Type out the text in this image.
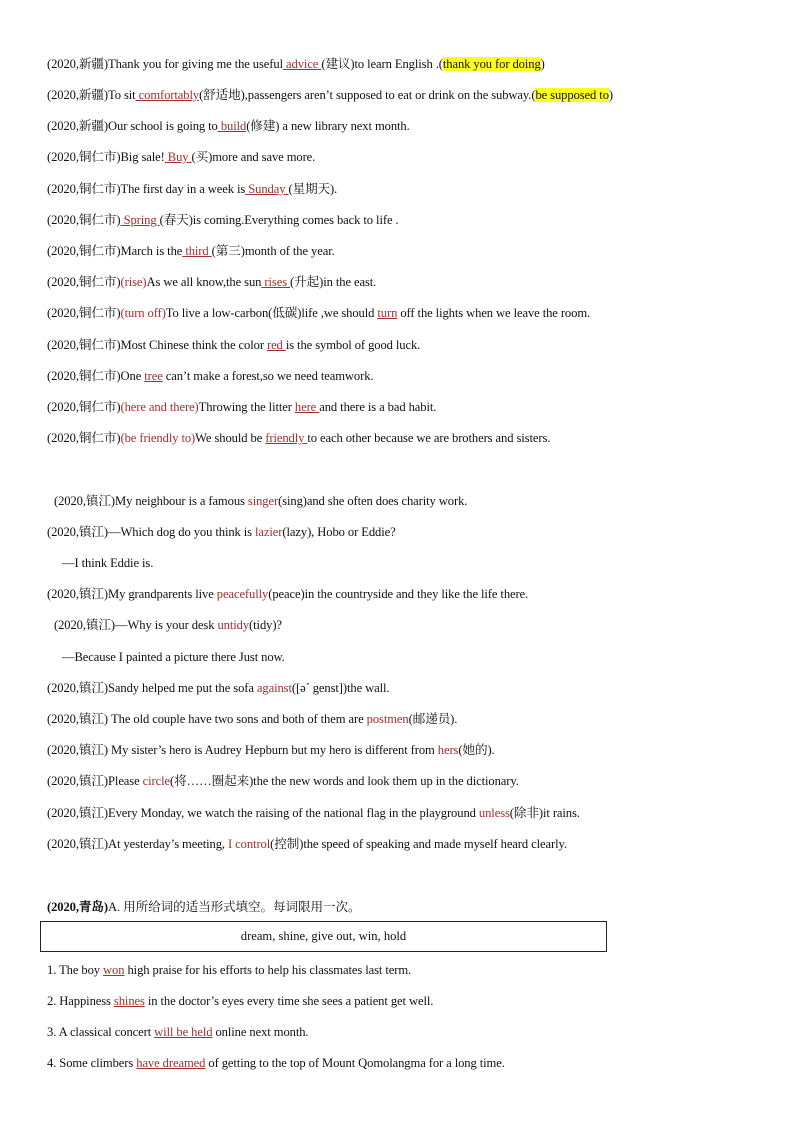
(2020,新疆)Thank you for giving me the useful advice (建议)to learn English .(thank you for doing)
(2020,新疆)To sit comfortably(舒适地),passengers aren’t supposed to eat or drink on the subway.(be supposed to)
(2020,新疆)Our school is going to build(修建) a new library next month.
(2020,铜仁市)Big sale! Buy (买)more and save more.
(2020,铜仁市)The first day in a week is Sunday (星期天).
(2020,铜仁市) Spring (春天)is coming.Everything comes back to life .
(2020,铜仁市)March is the third (第三)month of the year.
(2020,铜仁市)(rise)As we all know,the sun rises (升起)in the east.
(2020,铜仁市)(turn off)To live a low-carbon(低碳)life ,we should turn off the lights when we leave the room.
(2020,铜仁市)Most Chinese think the color red is the symbol of good luck.
(2020,铜仁市)One tree can’t make a forest,so we need teamwork.
(2020,铜仁市)(here and there)Throwing the litter here and there is a bad habit.
(2020,铜仁市)(be friendly to)We should be friendly to each other because we are brothers and sisters.
(2020,镇江)My neighbour is a famous singer(sing)and she often does charity work.
(2020,镇江)—Which dog do you think is lazier(lazy), Hobo or Eddie?
—I think Eddie is.
(2020,镇江)My grandparents live peacefully(peace)in the countryside and they like the life there.
(2020,镇江)—Why is your desk untidy(tidy)?
—Because I painted a picture there Just now.
(2020,镇江)Sandy helped me put the sofa against([ə´ genst])the wall.
(2020,镇江) The old couple have two sons and both of them are postmen(邮递员).
(2020,镇江) My sister’s hero is Audrey Hepburn but my hero is different from hers(她的).
(2020,镇江)Please circle(将……圈起来)the the new words and look them up in the dictionary.
(2020,镇江)Every Monday, we watch the raising of the national flag in the playground unless(除非)it rains.
(2020,镇江)At yesterday’s meeting, I control(控制)the speed of speaking and made myself heard clearly.
(2020,青岛)A. 用所给词的适当形式填空。每词限用一次。
dream, shine, give out, win, hold
1. The boy won high praise for his efforts to help his classmates last term.
2. Happiness shines in the doctor’s eyes every time she sees a patient get well.
3. A classical concert will be held online next month.
4. Some climbers have dreamed of getting to the top of Mount Qomolangma for a long time.
